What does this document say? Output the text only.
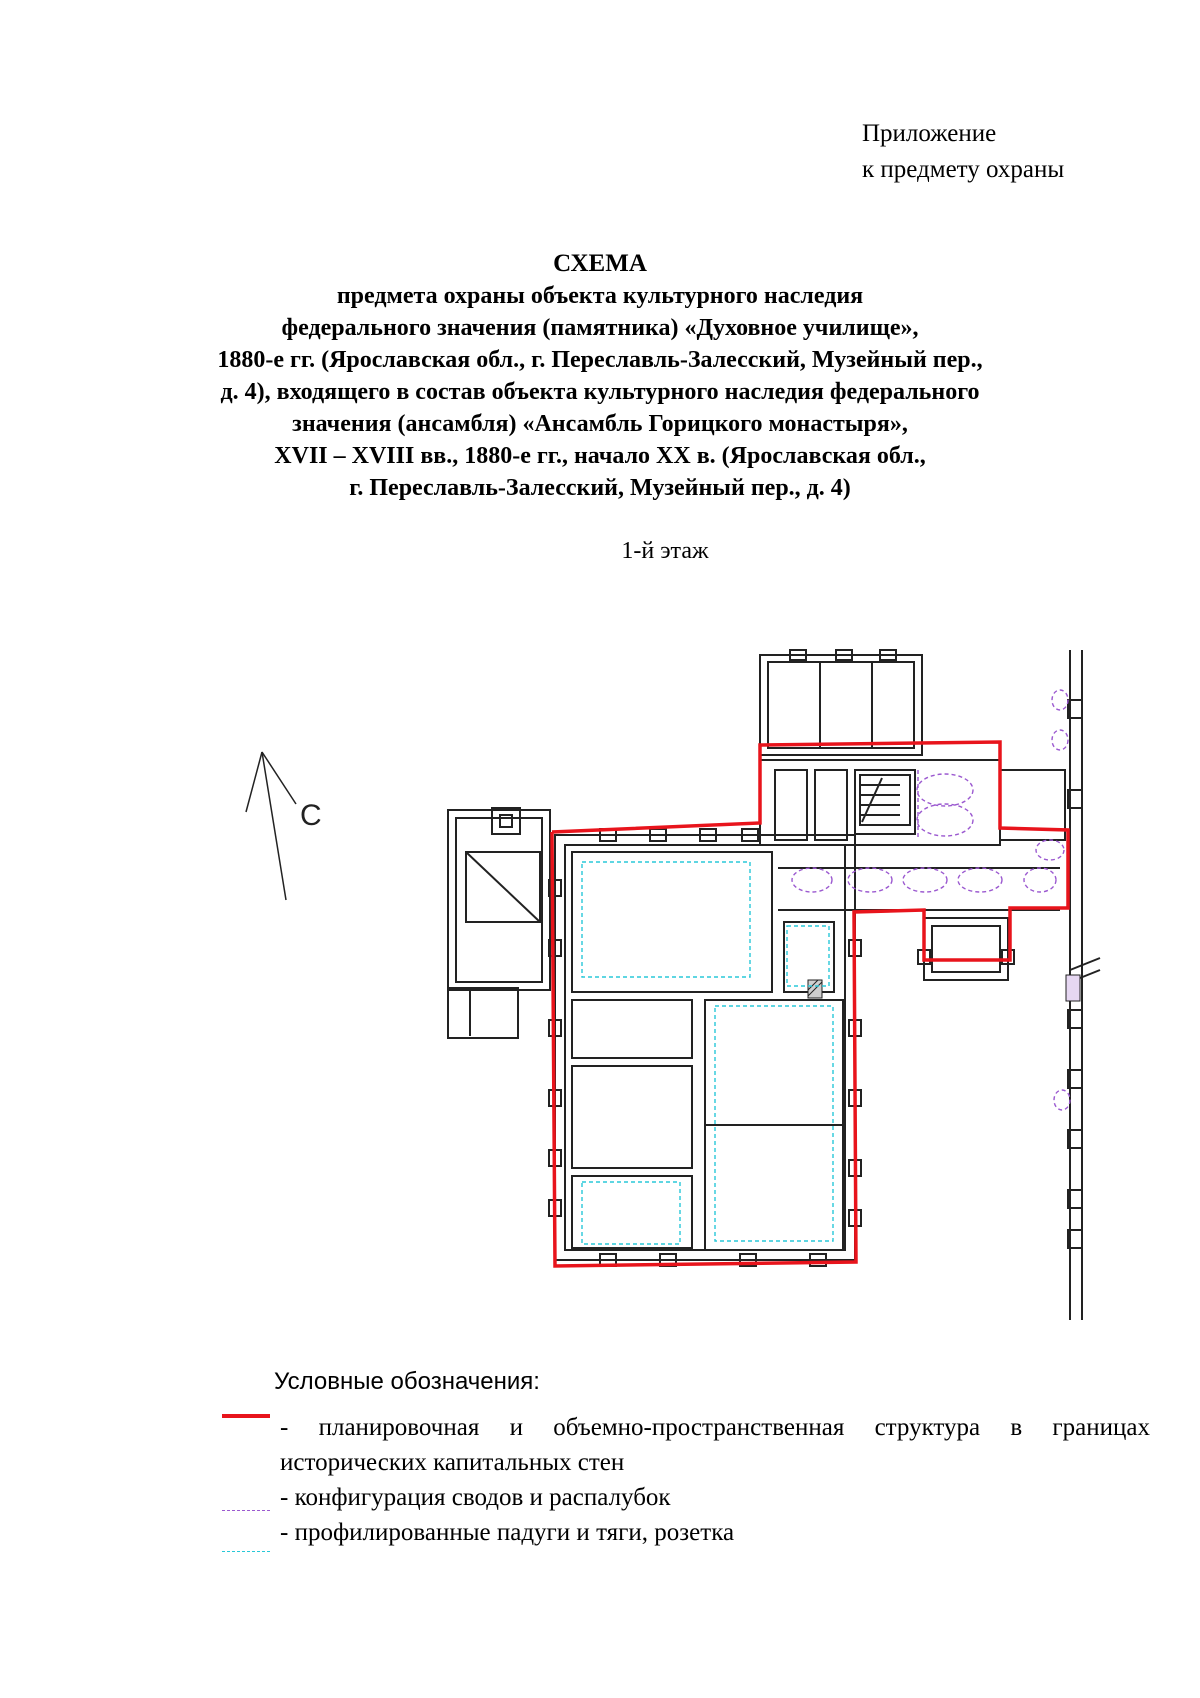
Приложение
к предмету охраны
СХЕМА
предмета охраны объекта культурного наследия
федерального значения (памятника) «Духовное училище»,
1880-е гг. (Ярославская обл., г. Переславль-Залесский, Музейный пер.,
д. 4), входящего в состав объекта культурного наследия федерального
значения (ансамбля) «Ансамбль Горицкого монастыря»,
XVII – XVIII вв., 1880-е гг., начало XX в. (Ярославская обл.,
г. Переславль-Залесский, Музейный пер., д. 4)
1-й этаж
С
Условные обозначения:
- планировочная и объемно-пространственная структура в границах
исторических капитальных стен
- конфигурация сводов и распалубок
- профилированные падуги и тяги, розетка
